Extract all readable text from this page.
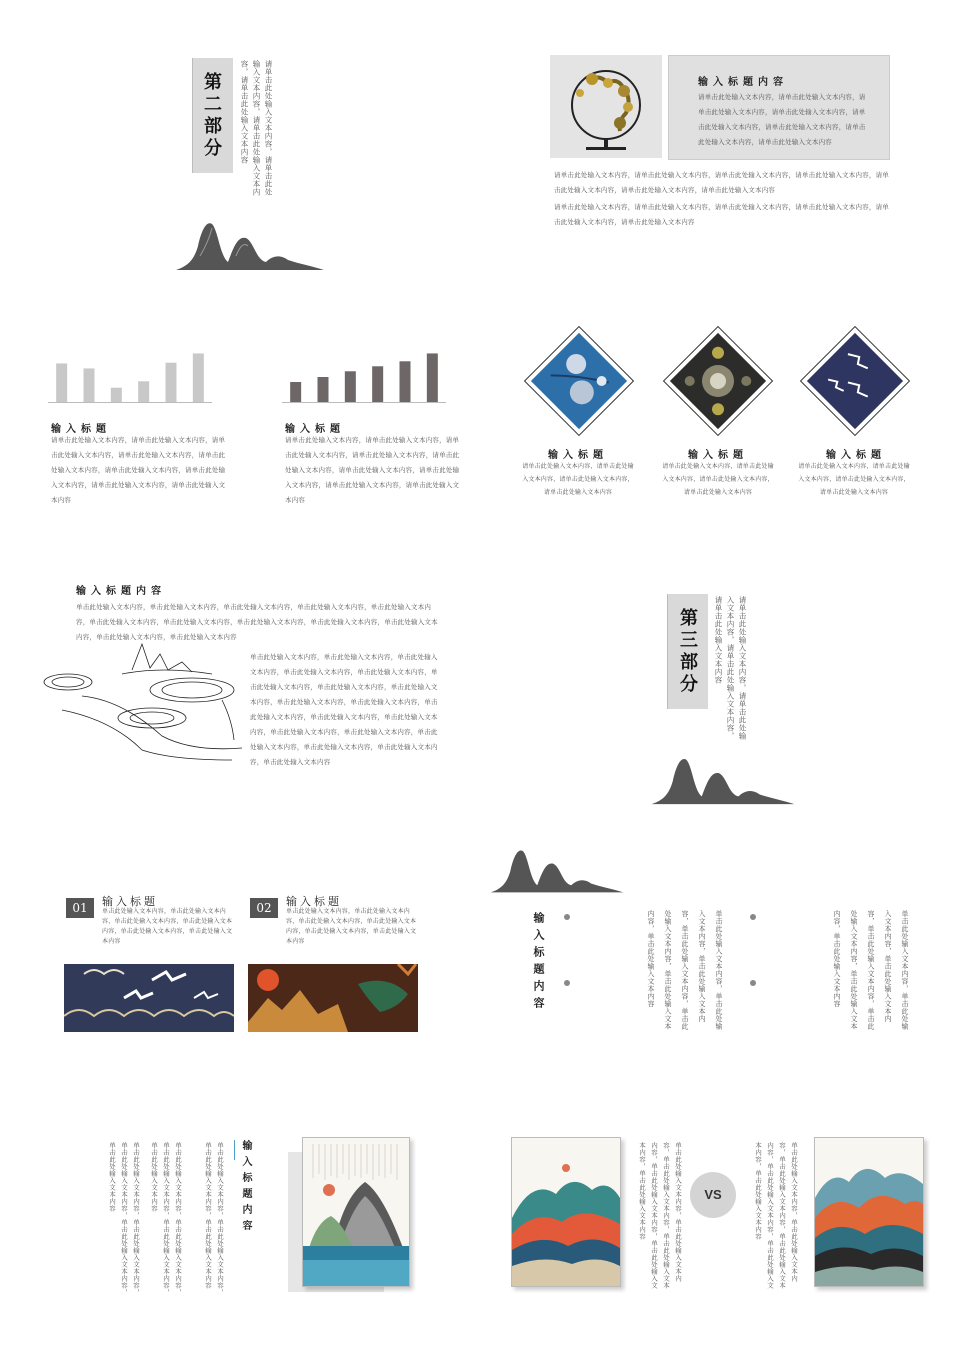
第二部分	请单击此处输入文本内容，请单击此处输入文本内容，请单击此处输入文本内容，请单击此处输入文本内容	输入标题内容
请单击此处输入文本内容，请单击此处输入文本内容，请单击此处输入文本内容，请单击此处输入文本内容，请单击此处输入文本内容，请单击此处输入文本内容，请单击此处输入文本内容，请单击此处输入文本内容
请单击此处输入文本内容，请单击此处输入文本内容，请单击此处输入文本内容，请单击此处输入文本内容，请单击此处输入文本内容，请单击此处输入文本内容，请单击此处输入文本内容
请单击此处输入文本内容，请单击此处输入文本内容，请单击此处输入文本内容，请单击此处输入文本内容，请单击此处输入文本内容，请单击此处输入文本内容
输入标题
请单击此处输入文本内容，请单击此处输入文本内容，请单击此处输入文本内容，请单击此处输入文本内容，请单击此处输入文本内容，请单击此处输入文本内容，请单击此处输入文本内容，请单击此处输入文本内容，请单击此处输入文本内容
输入标题
请单击此处输入文本内容，请单击此处输入文本内容，请单击此处输入文本内容，请单击此处输入文本内容，请单击此处输入文本内容，请单击此处输入文本内容，请单击此处输入文本内容，请单击此处输入文本内容，请单击此处输入文本内容
输入标题
请单击此处输入文本内容，请单击此处输入文本内容，请单击此处输入文本内容，请单击此处输入文本内容
输入标题
请单击此处输入文本内容，请单击此处输入文本内容，请单击此处输入文本内容，请单击此处输入文本内容
输入标题
请单击此处输入文本内容，请单击此处输入文本内容，请单击此处输入文本内容，请单击此处输入文本内容
输入标题内容
单击此处输入文本内容，单击此处输入文本内容，单击此处输入文本内容，单击此处输入文本内容，单击此处输入文本内容，单击此处输入文本内容，单击此处输入文本内容，单击此处输入文本内容，单击此处输入文本内容，单击此处输入文本内容，单击此处输入文本内容，单击此处输入文本内容
单击此处输入文本内容，单击此处输入文本内容，单击此处输入文本内容，单击此处输入文本内容，单击此处输入文本内容，单击此处输入文本内容，单击此处输入文本内容，单击此处输入文本内容，单击此处输入文本内容，单击此处输入文本内容，单击此处输入文本内容，单击此处输入文本内容，单击此处输入文本内容，单击此处输入文本内容，单击此处输入文本内容，单击此处输入文本内容，单击此处输入文本内容，单击此处输入文本内容，单击此处输入文本内容
第三部分	请单击此处输入文本内容，请单击此处输入文本内容，请单击此处输入文本内容，请单击此处输入文本内容
01	输入标题
单击此处输入文本内容，单击此处输入文本内容，单击此处输入文本内容，单击此处输入文本内容，单击此处输入文本内容，单击此处输入文本内容
02	输入标题
单击此处输入文本内容，单击此处输入文本内容，单击此处输入文本内容，单击此处输入文本内容，单击此处输入文本内容，单击此处输入文本内容	输入标题内容	单击此处输入文本内容，单击此处输入文本内容，单击此处输入文本内容，单击此处输入文本内容，单击此处输入文本内容，单击此处输入文本内容，单击此处输入文本内容	单击此处输入文本内容，单击此处输入文本内容，单击此处输入文本内容，单击此处输入文本内容，单击此处输入文本内容，单击此处输入文本内容，单击此处输入文本内容
单击此处输入文本内容，单击此处输入文本内容，单击此处输入文本内容，单击此处输入文本内容，单击此处输入文本内容	单击此处输入文本内容，单击此处输入文本内容，单击此处输入文本内容，单击此处输入文本内容，单击此处输入文本内容	单击此处输入文本内容，单击此处输入文本内容，单击此处输入文本内容，单击此处输入文本内容	输入标题内容	单击此处输入文本内容，单击此处输入文本内容，单击此处输入文本内容，单击此处输入文本内容，单击此处输入文本内容，单击此处输入文本内容，单击此处输入文本内容	VS	单击此处输入文本内容，单击此处输入文本内容，单击此处输入文本内容，单击此处输入文本内容，单击此处输入文本内容，单击此处输入文本内容，单击此处输入文本内容
